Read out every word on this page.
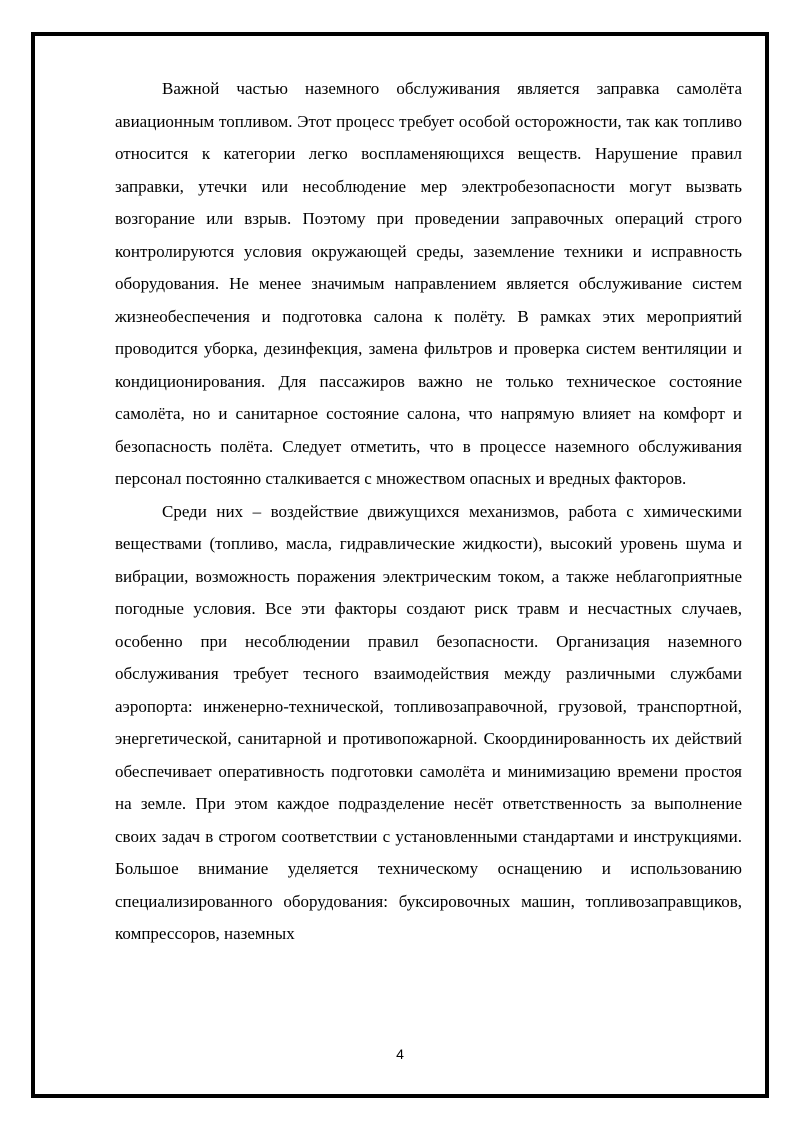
Важной частью наземного обслуживания является заправка самолёта авиационным топливом. Этот процесс требует особой осторожности, так как топливо относится к категории легко воспламеняющихся веществ. Нарушение правил заправки, утечки или несоблюдение мер электробезопасности могут вызвать возгорание или взрыв. Поэтому при проведении заправочных операций строго контролируются условия окружающей среды, заземление техники и исправность оборудования. Не менее значимым направлением является обслуживание систем жизнеобеспечения и подготовка салона к полёту. В рамках этих мероприятий проводится уборка, дезинфекция, замена фильтров и проверка систем вентиляции и кондиционирования. Для пассажиров важно не только техническое состояние самолёта, но и санитарное состояние салона, что напрямую влияет на комфорт и безопасность полёта. Следует отметить, что в процессе наземного обслуживания персонал постоянно сталкивается с множеством опасных и вредных факторов.

Среди них – воздействие движущихся механизмов, работа с химическими веществами (топливо, масла, гидравлические жидкости), высокий уровень шума и вибрации, возможность поражения электрическим током, а также неблагоприятные погодные условия. Все эти факторы создают риск травм и несчастных случаев, особенно при несоблюдении правил безопасности. Организация наземного обслуживания требует тесного взаимодействия между различными службами аэропорта: инженерно-технической, топливозаправочной, грузовой, транспортной, энергетической, санитарной и противопожарной. Скоординированность их действий обеспечивает оперативность подготовки самолёта и минимизацию времени простоя на земле. При этом каждое подразделение несёт ответственность за выполнение своих задач в строгом соответствии с установленными стандартами и инструкциями. Большое внимание уделяется техническому оснащению и использованию специализированного оборудования: буксировочных машин, топливозаправщиков, компрессоров, наземных

4
